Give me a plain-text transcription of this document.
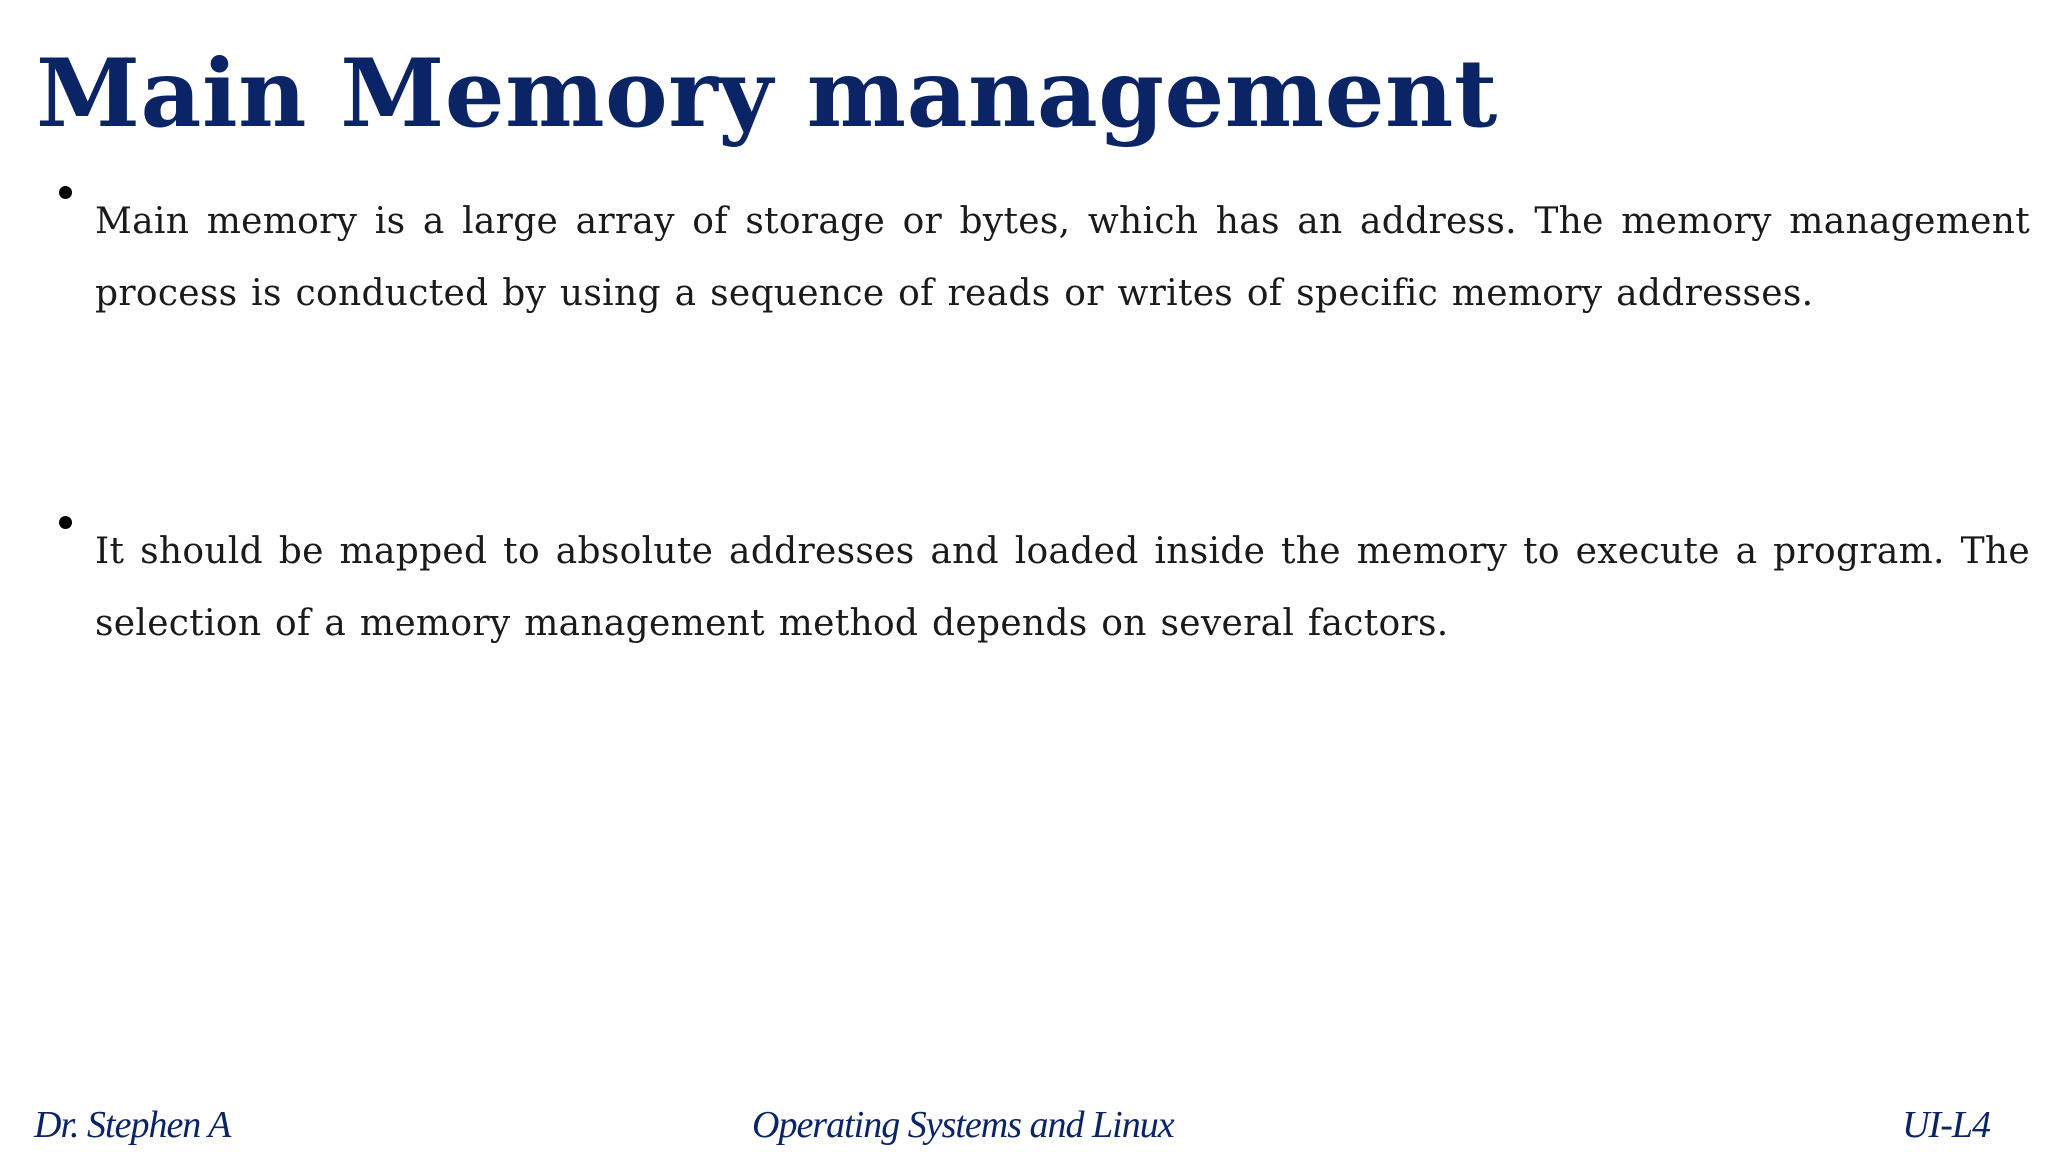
Main Memory management

Main memory is a large array of storage or bytes, which has an address. The memory management process is conducted by using a sequence of reads or writes of specific memory addresses.

It should be mapped to absolute addresses and loaded inside the memory to execute a program. The selection of a memory management method depends on several factors.

Dr. Stephen A	Operating Systems and Linux	UI-L4
